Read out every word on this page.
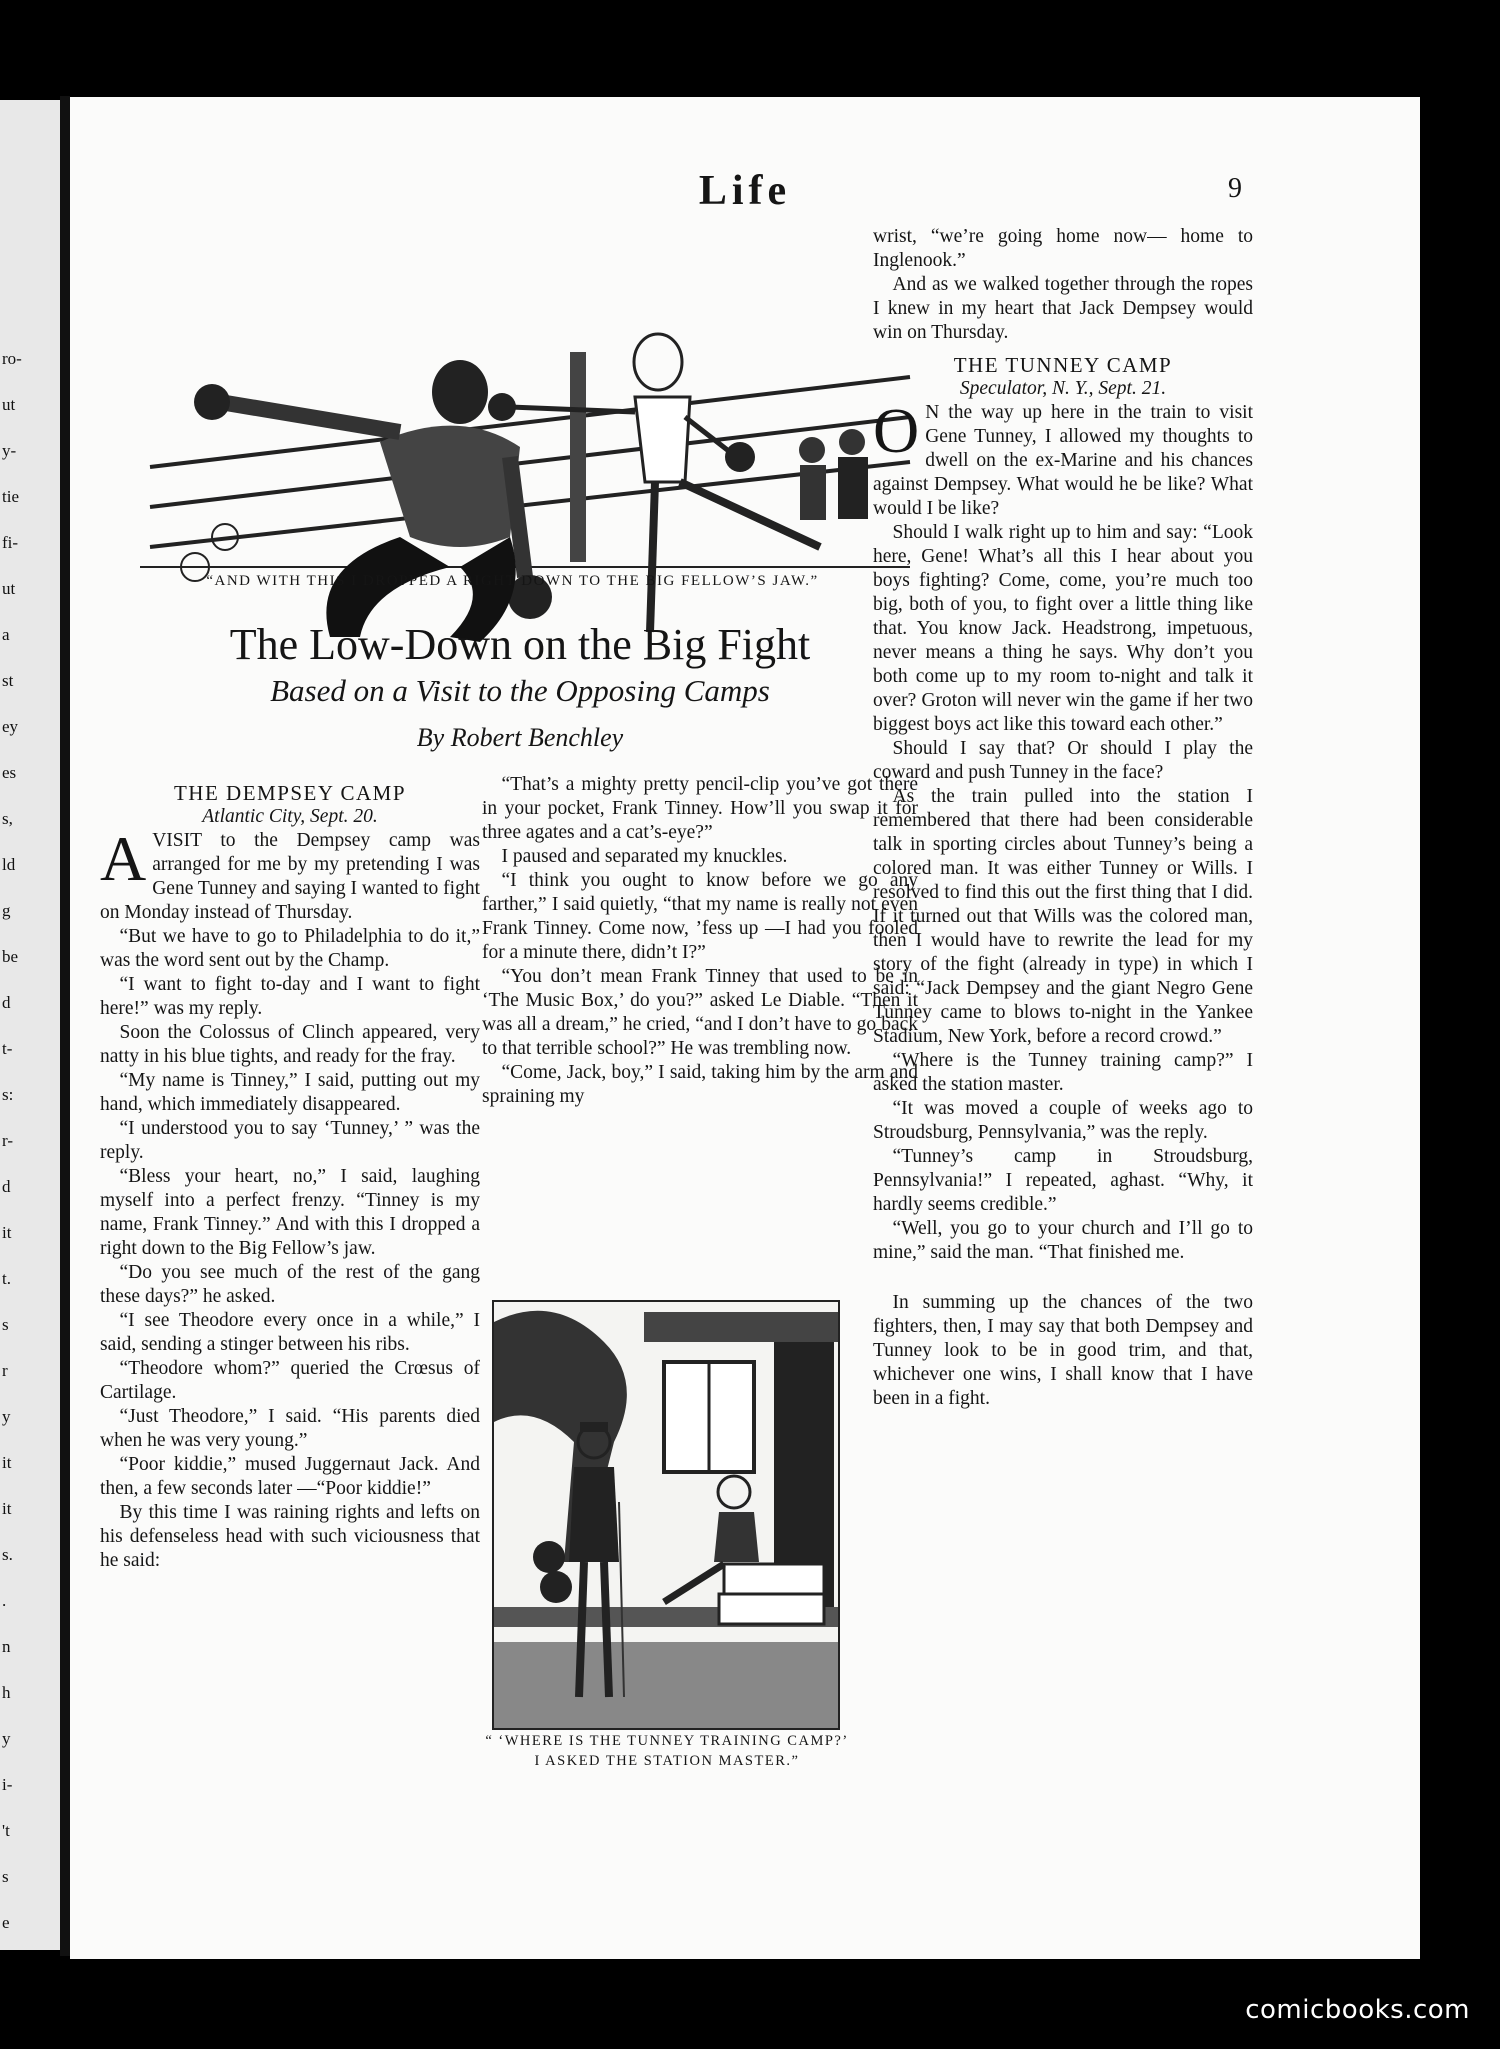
ro-
ut
y-
tie
fi-
ut
a
st
ey
es
s,
ld
g
be
d
t-
s:
r-
d
it
t.
s
r
y
it
it
s.
.
n
h
y
i-
't
s
e
Life	9
“AND WITH THIS I DROPPED A RIGHT DOWN TO THE BIG FELLOW’S JAW.”
The Low-Down on the Big Fight
Based on a Visit to the Opposing Camps
By Robert Benchley

THE DEMPSEY CAMP

Atlantic City, Sept. 20.

AVISIT to the Dempsey camp was arranged for me by my pretending I was Gene Tunney and saying I wanted to fight on Monday instead of Thursday.

“But we have to go to Philadelphia to do it,” was the word sent out by the Champ.

“I want to fight to-day and I want to fight here!” was my reply.

Soon the Colossus of Clinch appeared, very natty in his blue tights, and ready for the fray.

“My name is Tinney,” I said, putting out my hand, which immediately disappeared.

“I understood you to say ‘Tunney,’ ” was the reply.

“Bless your heart, no,” I said, laughing myself into a perfect frenzy. “Tinney is my name, Frank Tinney.” And with this I dropped a right down to the Big Fellow’s jaw.

“Do you see much of the rest of the gang these days?” he asked.

“I see Theodore every once in a while,” I said, sending a stinger between his ribs.

“Theodore whom?” queried the Crœsus of Cartilage.

“Just Theodore,” I said. “His parents died when he was very young.”

“Poor kiddie,” mused Juggernaut Jack. And then, a few seconds later —“Poor kiddie!”

By this time I was raining rights and lefts on his defenseless head with such viciousness that he said:

“That’s a mighty pretty pencil-clip you’ve got there in your pocket, Frank Tinney. How’ll you swap it for three agates and a cat’s-eye?”

I paused and separated my knuckles.

“I think you ought to know before we go any farther,” I said quietly, “that my name is really not even Frank Tinney. Come now, ’fess up —I had you fooled for a minute there, didn’t I?”

“You don’t mean Frank Tinney that used to be in ‘The Music Box,’ do you?” asked Le Diable. “Then it was all a dream,” he cried, “and I don’t have to go back to that terrible school?” He was trembling now.

“Come, Jack, boy,” I said, taking him by the arm and spraining my

“ ‘WHERE IS THE TUNNEY TRAINING CAMP?’ I ASKED THE STATION MASTER.”

wrist, “we’re going home now— home to Inglenook.”

And as we walked together through the ropes I knew in my heart that Jack Dempsey would win on Thursday.

THE TUNNEY CAMP

Speculator, N. Y., Sept. 21.

O N the way up here in the train to visit Gene Tunney, I allowed my thoughts to dwell on the ex-Marine and his chances against Dempsey. What would he be like? What would I be like?

Should I walk right up to him and say: “Look here, Gene! What’s all this I hear about you boys fighting? Come, come, you’re much too big, both of you, to fight over a little thing like that. You know Jack. Headstrong, impetuous, never means a thing he says. Why don’t you both come up to my room to-night and talk it over? Groton will never win the game if her two biggest boys act like this toward each other.”

Should I say that? Or should I play the coward and push Tunney in the face?

As the train pulled into the station I remembered that there had been considerable talk in sporting circles about Tunney’s being a colored man. It was either Tunney or Wills. I resolved to find this out the first thing that I did. If it turned out that Wills was the colored man, then I would have to rewrite the lead for my story of the fight (already in type) in which I said: “Jack Dempsey and the giant Negro Gene Tunney came to blows to-night in the Yankee Stadium, New York, before a record crowd.”

“Where is the Tunney training camp?” I asked the station master.

“It was moved a couple of weeks ago to Stroudsburg, Pennsylvania,” was the reply.

“Tunney’s camp in Stroudsburg, Pennsylvania!” I repeated, aghast. “Why, it hardly seems credible.”

“Well, you go to your church and I’ll go to mine,” said the man. “That finished me.

In summing up the chances of the two fighters, then, I may say that both Dempsey and Tunney look to be in good trim, and that, whichever one wins, I shall know that I have been in a fight.

comicbooks.com
